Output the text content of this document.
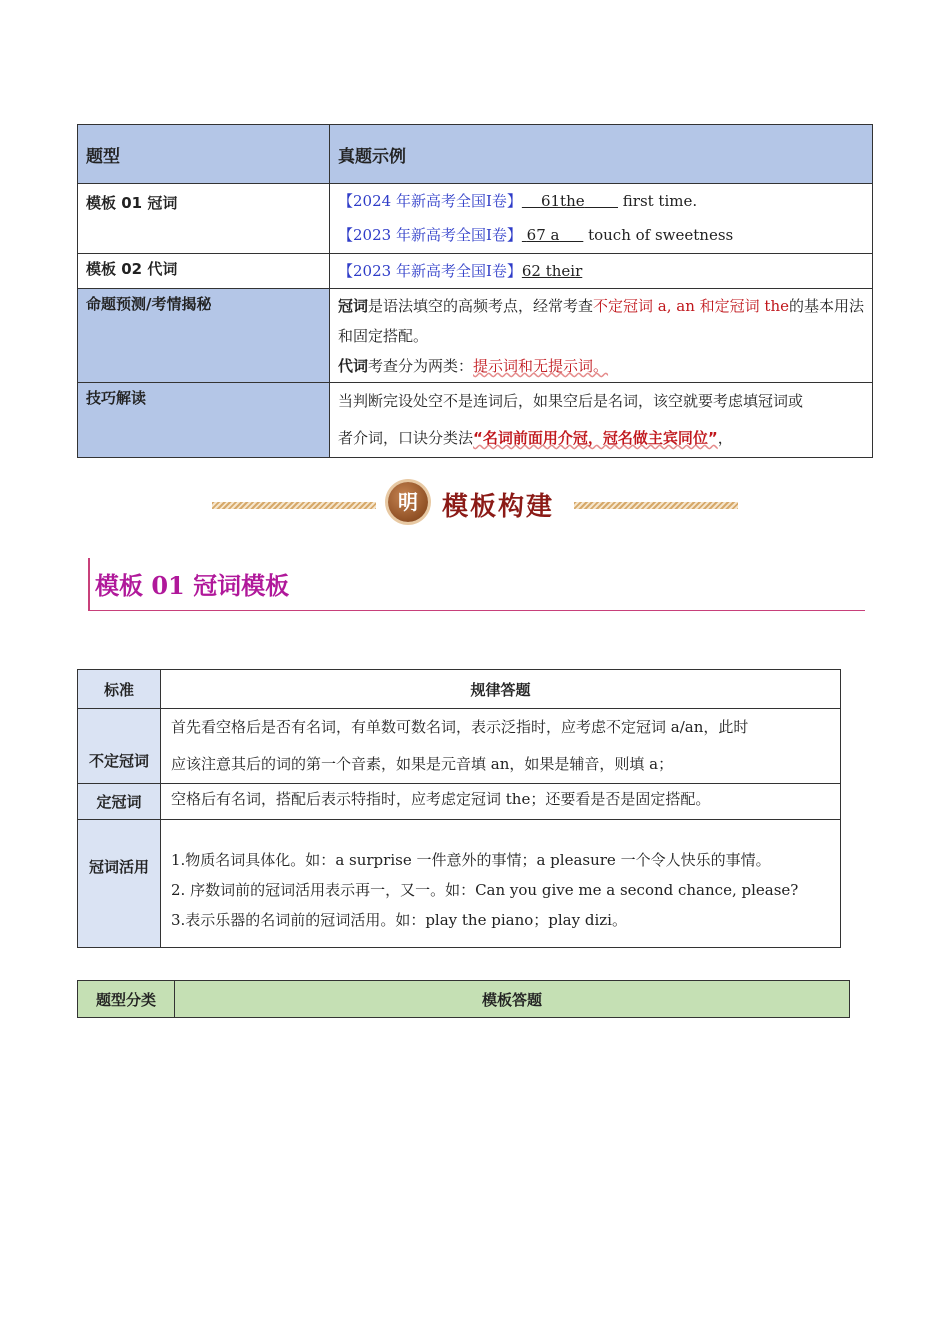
题型	真题示例

模板 01 冠词	【2024 年新高考全国Ⅰ卷】 61the        first time.
【2023 年新高考全国Ⅰ卷】 67 a      touch of sweetness

模板 02 代词	【2023 年新高考全国Ⅰ卷】62 their

命题预测/考情揭秘	冠词是语法填空的高频考点，经常考查不定冠词 a, an 和定冠词 the的基本用法和固定搭配。
代词考查分为两类：提示词和无提示词。

技巧解读	当判断完设处空不是连词后，如果空后是名词，该空就要考虑填冠词或
者介词，口诀分类法“名词前面用介冠，冠名做主宾同位”，
明 模板构建
模板 01 冠词模板
标准	规律答题
不定冠词	首先看空格后是否有名词，有单数可数名词，表示泛指时，应考虑不定冠词 a/an，此时
应该注意其后的词的第一个音素，如果是元音填 an，如果是辅音，则填 a；

定冠词	空格后有名词，搭配后表示特指时，应考虑定冠词 the；还要看是否是固定搭配。

冠词活用	1.物质名词具体化。如：a surprise 一件意外的事情；a pleasure 一个令人快乐的事情。
2. 序数词前的冠词活用表示再一，又一。如：Can you give me a second chance, please?
3.表示乐器的名词前的冠词活用。如：play the piano；play dizi。
题型分类	模板答题
